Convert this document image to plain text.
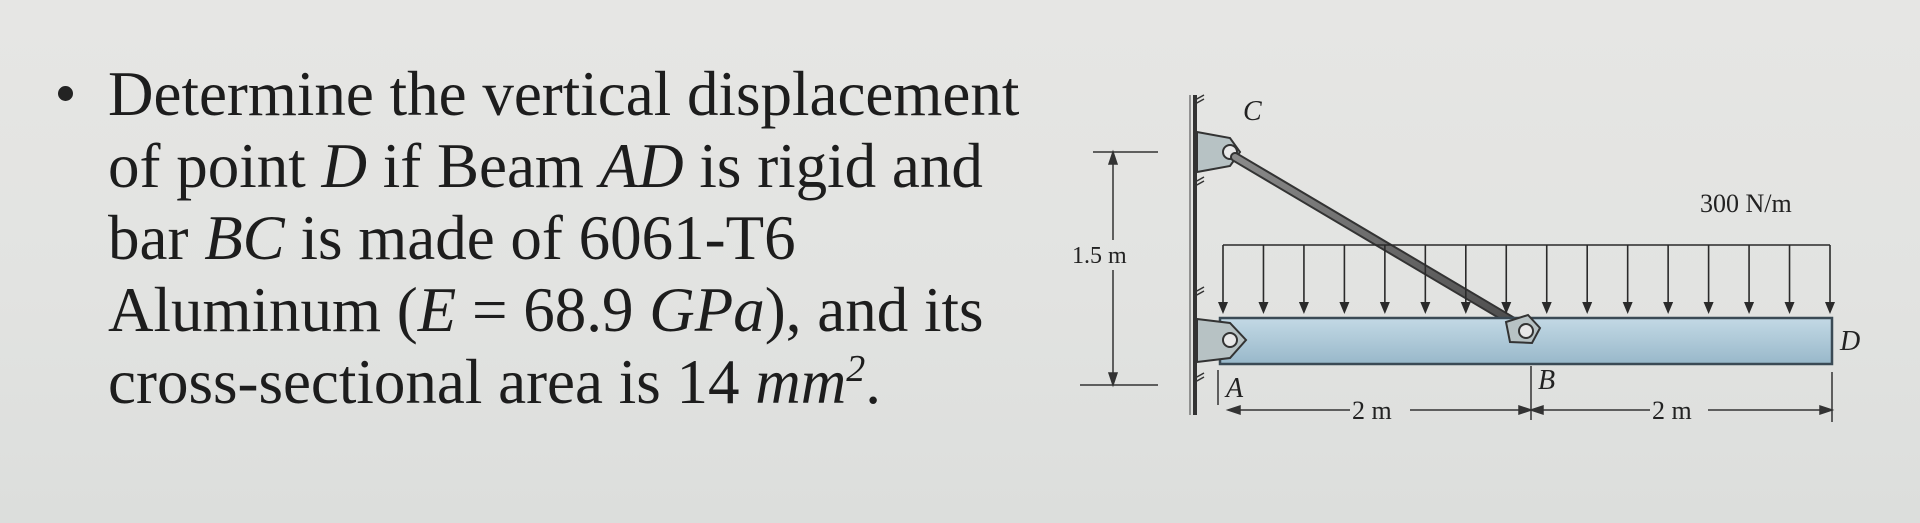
Determine the vertical displacement
of point D if Beam AD is rigid and
bar BC is made of 6061-T6
Aluminum (E = 68.9 GPa), and its
cross-sectional area is 14 $mm^2$.

1.5 m
C
300 N/m
A	B
D
2 m	2 m
